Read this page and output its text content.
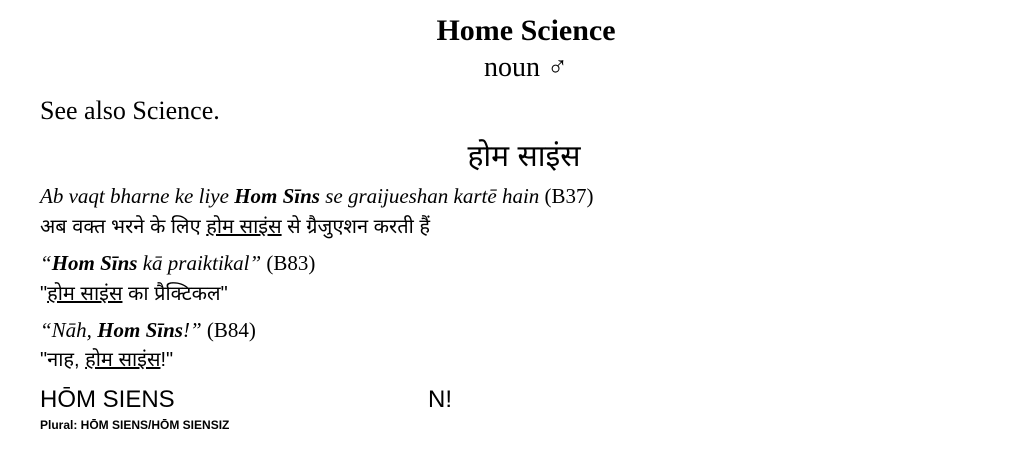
Home Science
noun ♂
See also Science.
होम साइंस
Ab vaqt bharne ke liye Hom Sīns se graijueshan kartē hain (B37)
अब वक्त भरने के लिए होम साइंस से ग्रैजुएशन करती हैं
“Hom Sīns kā praiktikal” (B83)
"होम साइंस का प्रैक्टिकल"
“Nāh, Hom Sīns!” (B84)
"नाह, होम साइंस!"
HŌM SIENS	N!
Plural: HŌM SIENS/HŌM SIENSIZ
